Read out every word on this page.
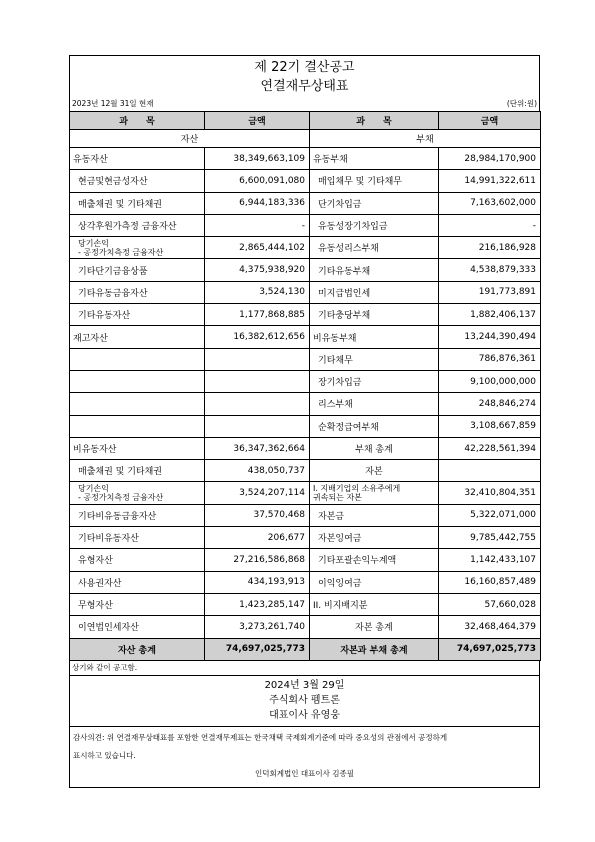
제 22기 결산공고
연결재무상태표
2023년 12월 31일 현재	(단위:원)
과　　목	금액	과　　목	금액
자산		부채	
유동자산	38,349,663,109	유동부채	28,984,170,900
현금및현금성자산	6,600,091,080	매입채무 및 기타채무	14,991,322,611
매출채권 및 기타채권	6,944,183,336	단기차입금	7,163,602,000
상각후원가측정 금융자산	-	유동성장기차입금	-
당기손익
- 공정가치측정 금융자산	2,865,444,102	유동성리스부채	216,186,928
기타단기금융상품	4,375,938,920	기타유동부채	4,538,879,333
기타유동금융자산	3,524,130	미지급법인세	191,773,891
기타유동자산	1,177,868,885	기타충당부채	1,882,406,137
재고자산	16,382,612,656	비유동부채	13,244,390,494
		기타채무	786,876,361
		장기차입금	9,100,000,000
		리스부채	248,846,274
		순확정급여부채	3,108,667,859
비유동자산	36,347,362,664	부채 총계	42,228,561,394
매출채권 및 기타채권	438,050,737	자본	
당기손익
- 공정가치측정 금융자산	3,524,207,114	I. 지배기업의 소유주에게
귀속되는 자본	32,410,804,351
기타비유동금융자산	37,570,468	자본금	5,322,071,000
기타비유동자산	206,677	자본잉여금	9,785,442,755
유형자산	27,216,586,868	기타포괄손익누계액	1,142,433,107
사용권자산	434,193,913	이익잉여금	16,160,857,489
무형자산	1,423,285,147	II. 비지배지분	57,660,028
이연법인세자산	3,273,261,740	자본 총계	32,468,464,379
자산 총계	74,697,025,773	자본과 부채 총계	74,697,025,773
상기와 같이 공고함.
2024년 3월 29일
주식회사 펨트론
대표이사 유영웅
감사의견: 위 연결재무상태표를 포함한 연결재무제표는 한국채택 국제회계기준에 따라 중요성의 관점에서 공정하게
표시하고 있습니다.
인덕회계법인 대표이사 김종필
